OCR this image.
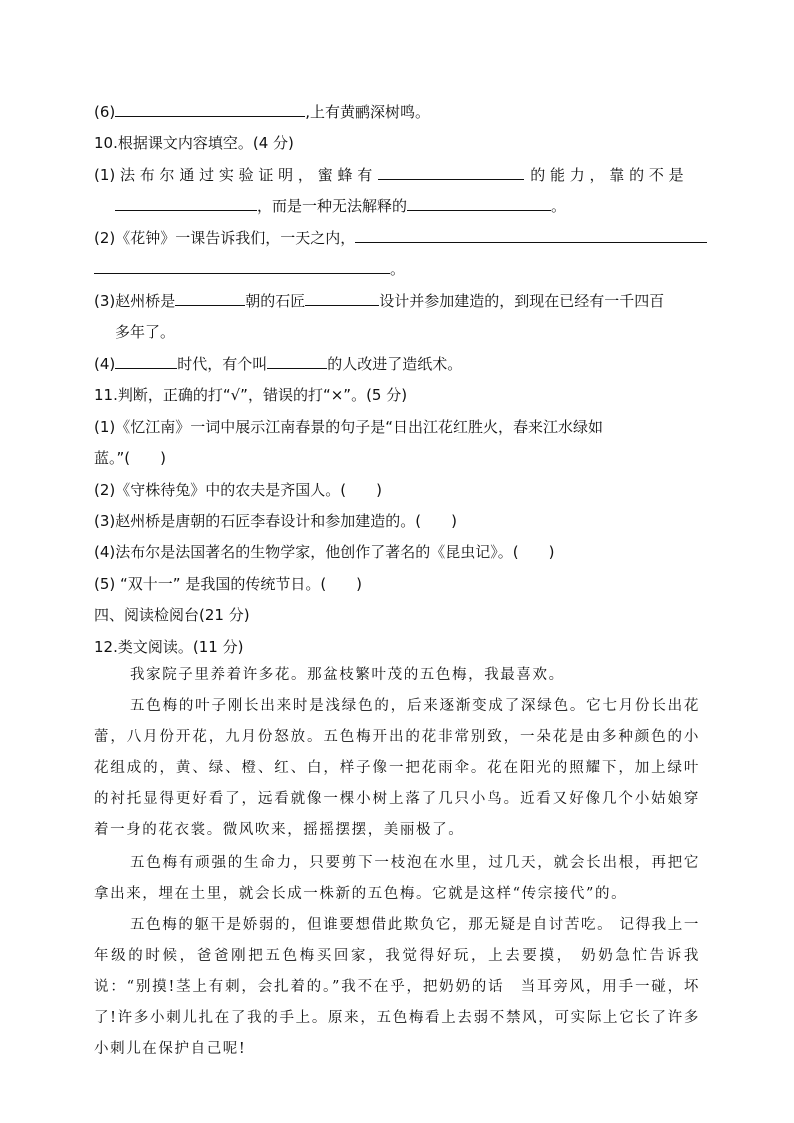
(6)	,上有黄鹂深树鸣。
10.根据课文内容填空。(4 分)
(1) 法 布 尔 通 过 实 验 证 明 ， 蜜 蜂 有	的 能 力 ， 靠 的 不 是
，而是一种无法解释的	。
(2)《花钟》一课告诉我们，一天之内，
。
(3)赵州桥是	朝的石匠	设计并参加建造的，到现在已经有一千四百
多年了。
(4)	时代，有个叫	的人改进了造纸术。
11.判断，正确的打“√”，错误的打“×”。(5 分)
(1)《忆江南》一词中展示江南春景的句子是“日出江花红胜火，春来江水绿如
蓝。”(　　)
(2)《守株待兔》中的农夫是齐国人。(　　)
(3)赵州桥是唐朝的石匠李春设计和参加建造的。(　　)
(4)法布尔是法国著名的生物学家，他创作了著名的《昆虫记》。(　　)
(5) “双十一” 是我国的传统节日。(　　)
四、阅读检阅台(21 分)
12.类文阅读。(11 分)
我家院子里养着许多花。那盆枝繁叶茂的五色梅，我最喜欢。
五色梅的叶子刚长出来时是浅绿色的，后来逐渐变成了深绿色。它七月份长出花蕾，八月份开花，九月份怒放。五色梅开出的花非常别致，一朵花是由多种颜色的小花组成的，黄、绿、橙、红、白，样子像一把花雨伞。花在阳光的照耀下，加上绿叶的衬托显得更好看了，远看就像一棵小树上落了几只小鸟。近看又好像几个小姑娘穿着一身的花衣裳。微风吹来，摇摇摆摆，美丽极了。
五色梅有顽强的生命力，只要剪下一枝泡在水里，过几天，就会长出根，再把它拿出来，埋在土里，就会长成一株新的五色梅。它就是这样“传宗接代”的。
五色梅的躯干是娇弱的，但谁要想借此欺负它，那无疑是自讨苦吃。 记得我上一年级的时候，爸爸刚把五色梅买回家，我觉得好玩，上去要摸， 奶奶急忙告诉我说：“别摸!茎上有刺，会扎着的。”我不在乎，把奶奶的话　当耳旁风，用手一碰，坏了!许多小刺儿扎在了我的手上。原来，五色梅看上去弱不禁风，可实际上它长了许多小刺儿在保护自己呢!
